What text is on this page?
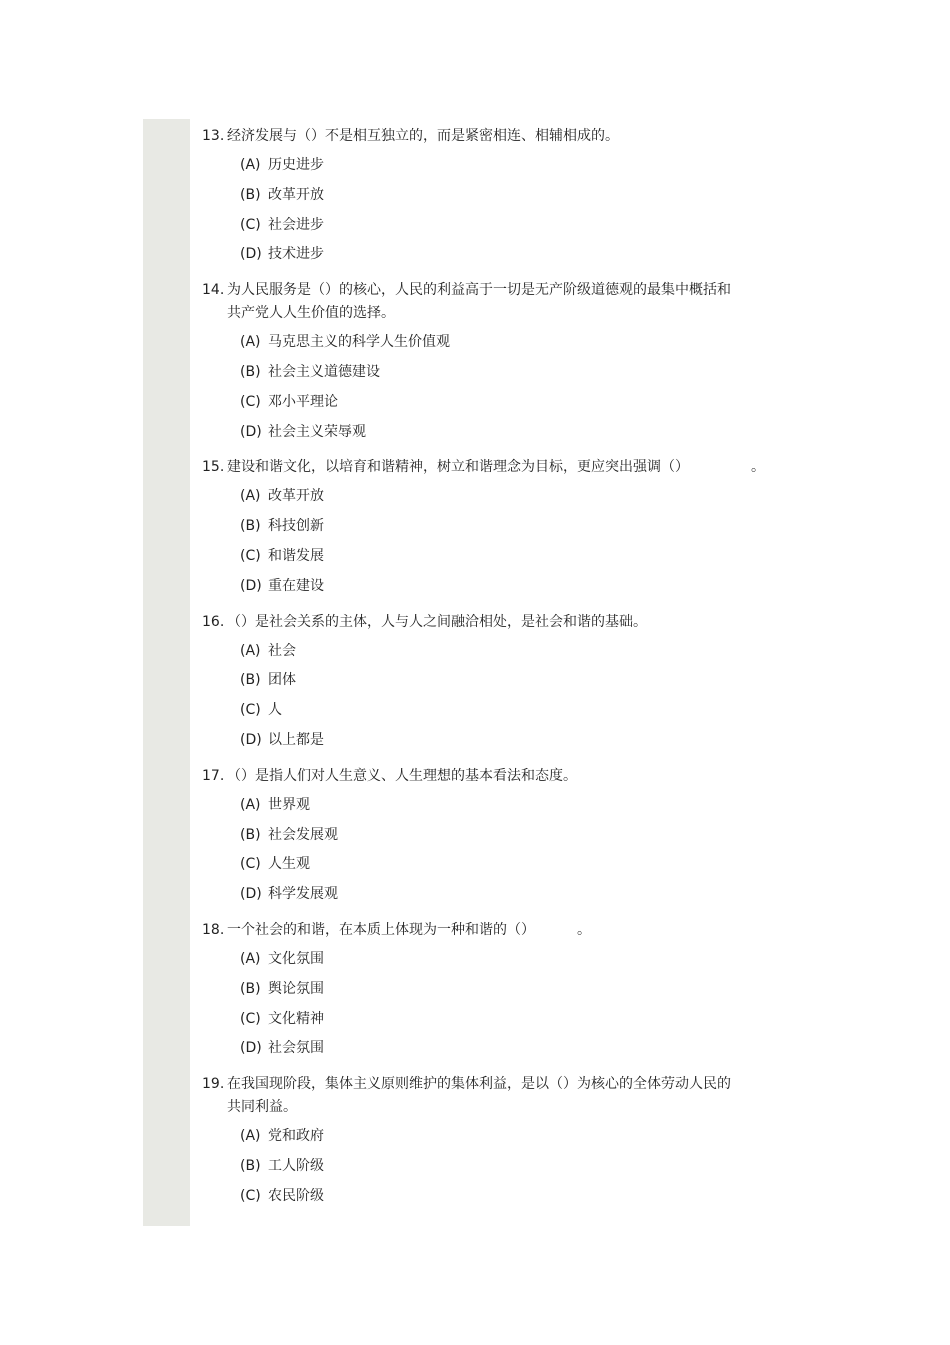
13. 经济发展与（）不是相互独立的，而是紧密相连、相辅相成的。
(A) 历史进步
(B) 改革开放
(C) 社会进步
(D) 技术进步
14. 为人民服务是（）的核心，人民的利益高于一切是无产阶级道德观的最集中概括和共产党人人生价值的选择。
(A) 马克思主义的科学人生价值观
(B) 社会主义道德建设
(C) 邓小平理论
(D) 社会主义荣辱观
15. 建设和谐文化，以培育和谐精神，树立和谐理念为目标，更应突出强调（）	。
(A) 改革开放
(B) 科技创新
(C) 和谐发展
(D) 重在建设
16. （）是社会关系的主体，人与人之间融洽相处，是社会和谐的基础。
(A) 社会
(B) 团体
(C) 人
(D) 以上都是
17. （）是指人们对人生意义、人生理想的基本看法和态度。
(A) 世界观
(B) 社会发展观
(C) 人生观
(D) 科学发展观
18. 一个社会的和谐，在本质上体现为一种和谐的（）	。
(A) 文化氛围
(B) 舆论氛围
(C) 文化精神
(D) 社会氛围
19. 在我国现阶段，集体主义原则维护的集体利益，是以（）为核心的全体劳动人民的共同利益。
(A) 党和政府
(B) 工人阶级
(C) 农民阶级
